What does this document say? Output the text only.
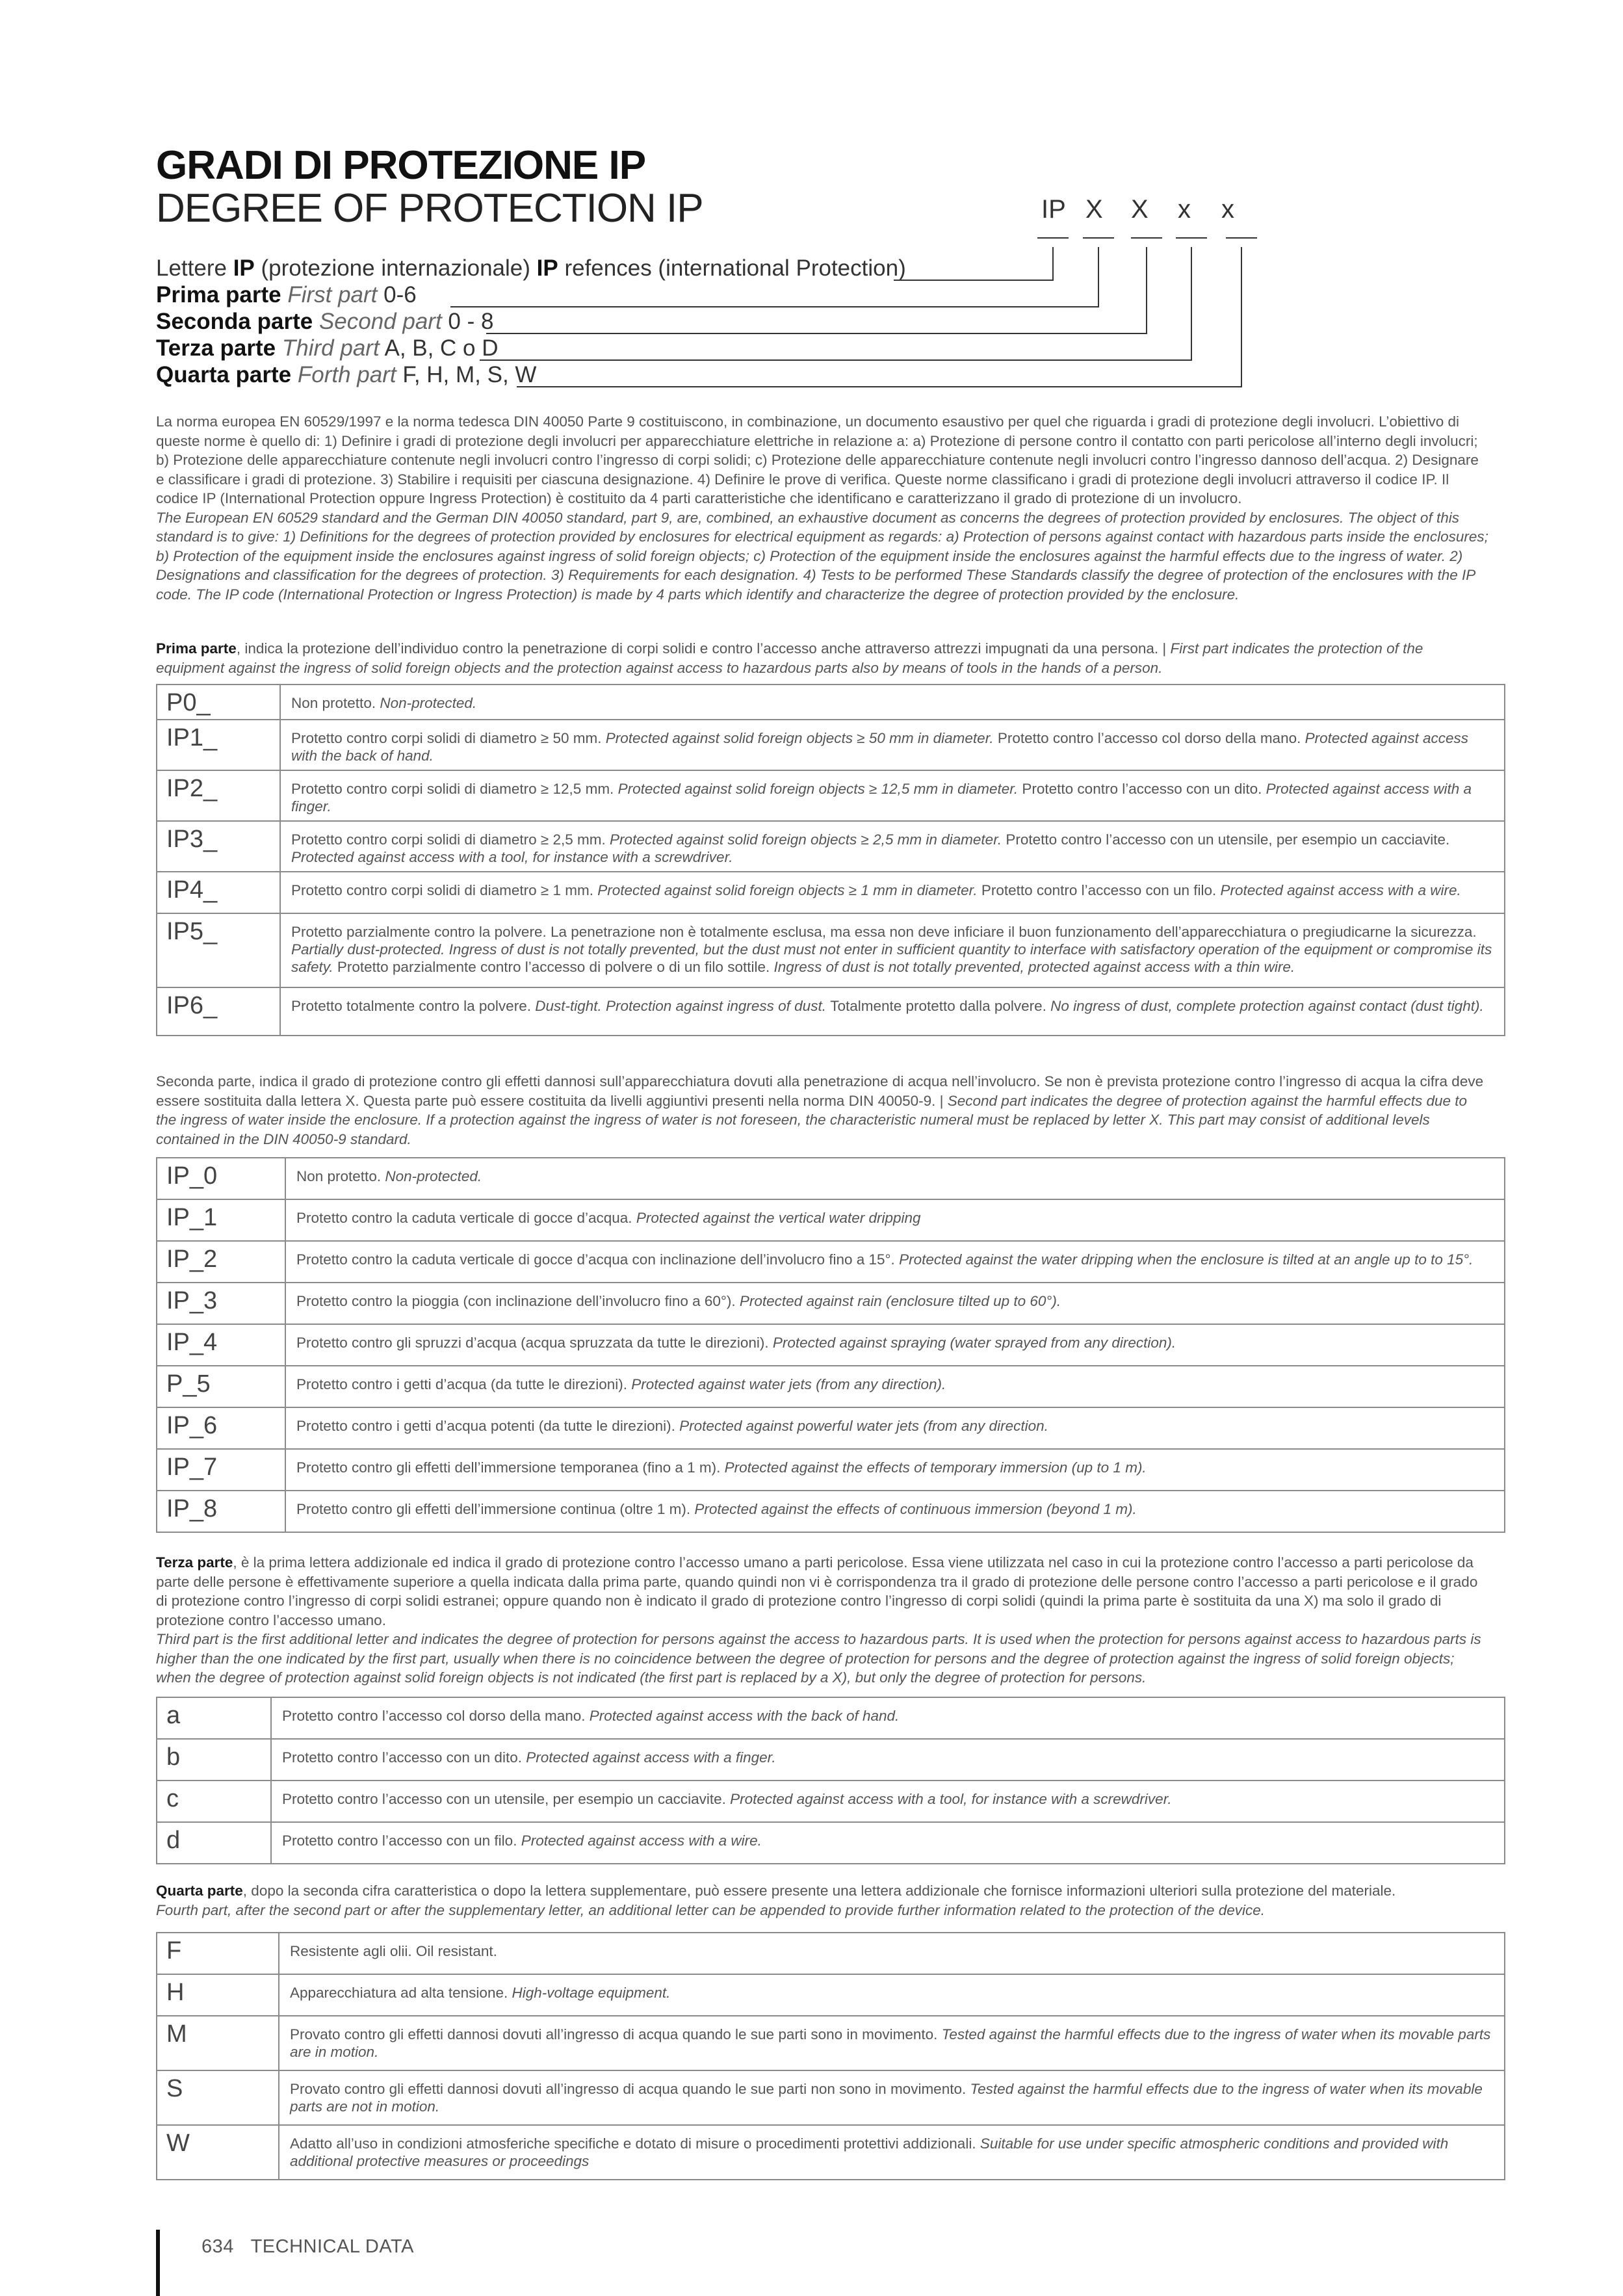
GRADI DI PROTEZIONE IP
DEGREE OF PROTECTION IP	IP X X x x
Lettere IP (protezione internazionale) IP refences (international Protection)
Prima parte First part 0-6
Seconda parte Second part 0 - 8
Terza parte Third part A, B, C o D
Quarta parte Forth part F, H, M, S, W
La norma europea EN 60529/1997 e la norma tedesca DIN 40050 Parte 9 costituiscono, in combinazione, un documento esaustivo per quel che riguarda i gradi di protezione degli involucri. L’obiettivo di queste norme è quello di: 1) Definire i gradi di protezione degli involucri per apparecchiature elettriche in relazione a: a) Protezione di persone contro il contatto con parti pericolose all’interno degli involucri; b) Protezione delle apparecchiature contenute negli involucri contro l’ingresso di corpi solidi; c) Protezione delle apparecchiature contenute negli involucri contro l’ingresso dannoso dell’acqua. 2) Designare e classificare i gradi di protezione. 3) Stabilire i requisiti per ciascuna designazione. 4) Definire le prove di verifica. Queste norme classificano i gradi di protezione degli involucri attraverso il codice IP. Il codice IP (International Protection oppure Ingress Protection) è costituito da 4 parti caratteristiche che identificano e caratterizzano il grado di protezione di un involucro.
The European EN 60529 standard and the German DIN 40050 standard, part 9, are, combined, an exhaustive document as concerns the degrees of protection provided by enclosures. The object of this standard is to give: 1) Definitions for the degrees of protection provided by enclosures for electrical equipment as regards: a) Protection of persons against contact with hazardous parts inside the enclosures; b) Protection of the equipment inside the enclosures against ingress of solid foreign objects; c) Protection of the equipment inside the enclosures against the harmful effects due to the ingress of water. 2) Designations and classification for the degrees of protection. 3) Requirements for each designation. 4) Tests to be performed These Standards classify the degree of protection of the enclosures with the IP code. The IP code (International Protection or Ingress Protection) is made by 4 parts which identify and characterize the degree of protection provided by the enclosure.
Prima parte, indica la protezione dell’individuo contro la penetrazione di corpi solidi e contro l’accesso anche attraverso attrezzi impugnati da una persona. | First part indicates the protection of the equipment against the ingress of solid foreign objects and the protection against access to hazardous parts also by means of tools in the hands of a person.
P0_	Non protetto. Non-protected.
IP1_	Protetto contro corpi solidi di diametro ≥ 50 mm. Protected against solid foreign objects ≥ 50 mm in diameter. Protetto contro l’accesso col dorso della mano. Protected against access with the back of hand.
IP2_	Protetto contro corpi solidi di diametro ≥ 12,5 mm. Protected against solid foreign objects ≥ 12,5 mm in diameter. Protetto contro l’accesso con un dito. Protected against access with a finger.
IP3_	Protetto contro corpi solidi di diametro ≥ 2,5 mm. Protected against solid foreign objects ≥ 2,5 mm in diameter. Protetto contro l’accesso con un utensile, per esempio un cacciavite. Protected against access with a tool, for instance with a screwdriver.
IP4_	Protetto contro corpi solidi di diametro ≥ 1 mm. Protected against solid foreign objects ≥ 1 mm in diameter. Protetto contro l’accesso con un filo. Protected against access with a wire.
IP5_	Protetto parzialmente contro la polvere. La penetrazione non è totalmente esclusa, ma essa non deve inficiare il buon funzionamento dell’apparecchiatura o pregiudicarne la sicurezza. Partially dust-protected. Ingress of dust is not totally prevented, but the dust must not enter in sufficient quantity to interface with satisfactory operation of the equipment or compromise its safety. Protetto parzialmente contro l’accesso di polvere o di un filo sottile. Ingress of dust is not totally prevented, protected against access with a thin wire.
IP6_	Protetto totalmente contro la polvere. Dust-tight. Protection against ingress of dust. Totalmente protetto dalla polvere. No ingress of dust, complete protection against contact (dust tight).
Seconda parte, indica il grado di protezione contro gli effetti dannosi sull’apparecchiatura dovuti alla penetrazione di acqua nell’involucro. Se non è prevista protezione contro l’ingresso di acqua la cifra deve essere sostituita dalla lettera X. Questa parte può essere costituita da livelli aggiuntivi presenti nella norma DIN 40050-9. | Second part indicates the degree of protection against the harmful effects due to the ingress of water inside the enclosure. If a protection against the ingress of water is not foreseen, the characteristic numeral must be replaced by letter X. This part may consist of additional levels contained in the DIN 40050-9 standard.
IP_0	Non protetto. Non-protected.
IP_1	Protetto contro la caduta verticale di gocce d’acqua. Protected against the vertical water dripping
IP_2	Protetto contro la caduta verticale di gocce d’acqua con inclinazione dell’involucro fino a 15°. Protected against the water dripping when the enclosure is tilted at an angle up to to 15°.
IP_3	Protetto contro la pioggia (con inclinazione dell’involucro fino a 60°). Protected against rain (enclosure tilted up to 60°).
IP_4	Protetto contro gli spruzzi d’acqua (acqua spruzzata da tutte le direzioni). Protected against spraying (water sprayed from any direction).
P_5	Protetto contro i getti d’acqua (da tutte le direzioni). Protected against water jets (from any direction).
IP_6	Protetto contro i getti d’acqua potenti (da tutte le direzioni). Protected against powerful water jets (from any direction.
IP_7	Protetto contro gli effetti dell’immersione temporanea (fino a 1 m). Protected against the effects of temporary immersion (up to 1 m).
IP_8	Protetto contro gli effetti dell’immersione continua (oltre 1 m). Protected against the effects of continuous immersion (beyond 1 m).
Terza parte, è la prima lettera addizionale ed indica il grado di protezione contro l’accesso umano a parti pericolose. Essa viene utilizzata nel caso in cui la protezione contro l’accesso a parti pericolose da parte delle persone è effettivamente superiore a quella indicata dalla prima parte, quando quindi non vi è corrispondenza tra il grado di protezione delle persone contro l’accesso a parti pericolose e il grado di protezione contro l’ingresso di corpi solidi estranei; oppure quando non è indicato il grado di protezione contro l’ingresso di corpi solidi (quindi la prima parte è sostituita da una X) ma solo il grado di protezione contro l’accesso umano.
Third part is the first additional letter and indicates the degree of protection for persons against the access to hazardous parts. It is used when the protection for persons against access to hazardous parts is higher than the one indicated by the first part, usually when there is no coincidence between the degree of protection for persons and the degree of protection against the ingress of solid foreign objects; when the degree of protection against solid foreign objects is not indicated (the first part is replaced by a X), but only the degree of protection for persons.
a	Protetto contro l’accesso col dorso della mano. Protected against access with the back of hand.
b	Protetto contro l’accesso con un dito. Protected against access with a finger.
c	Protetto contro l’accesso con un utensile, per esempio un cacciavite. Protected against access with a tool, for instance with a screwdriver.
d	Protetto contro l’accesso con un filo. Protected against access with a wire.
Quarta parte, dopo la seconda cifra caratteristica o dopo la lettera supplementare, può essere presente una lettera addizionale che fornisce informazioni ulteriori sulla protezione del materiale.
Fourth part, after the second part or after the supplementary letter, an additional letter can be appended to provide further information related to the protection of the device.
F	Resistente agli olii. Oil resistant.
H	Apparecchiatura ad alta tensione. High-voltage equipment.
M	Provato contro gli effetti dannosi dovuti all’ingresso di acqua quando le sue parti sono in movimento. Tested against the harmful effects due to the ingress of water when its movable parts are in motion.
S	Provato contro gli effetti dannosi dovuti all’ingresso di acqua quando le sue parti non sono in movimento. Tested against the harmful effects due to the ingress of water when its movable parts are not in motion.
W	Adatto all’uso in condizioni atmosferiche specifiche e dotato di misure o procedimenti protettivi addizionali. Suitable for use under specific atmospheric conditions and provided with additional protective measures or proceedings
634 TECHNICAL DATA
